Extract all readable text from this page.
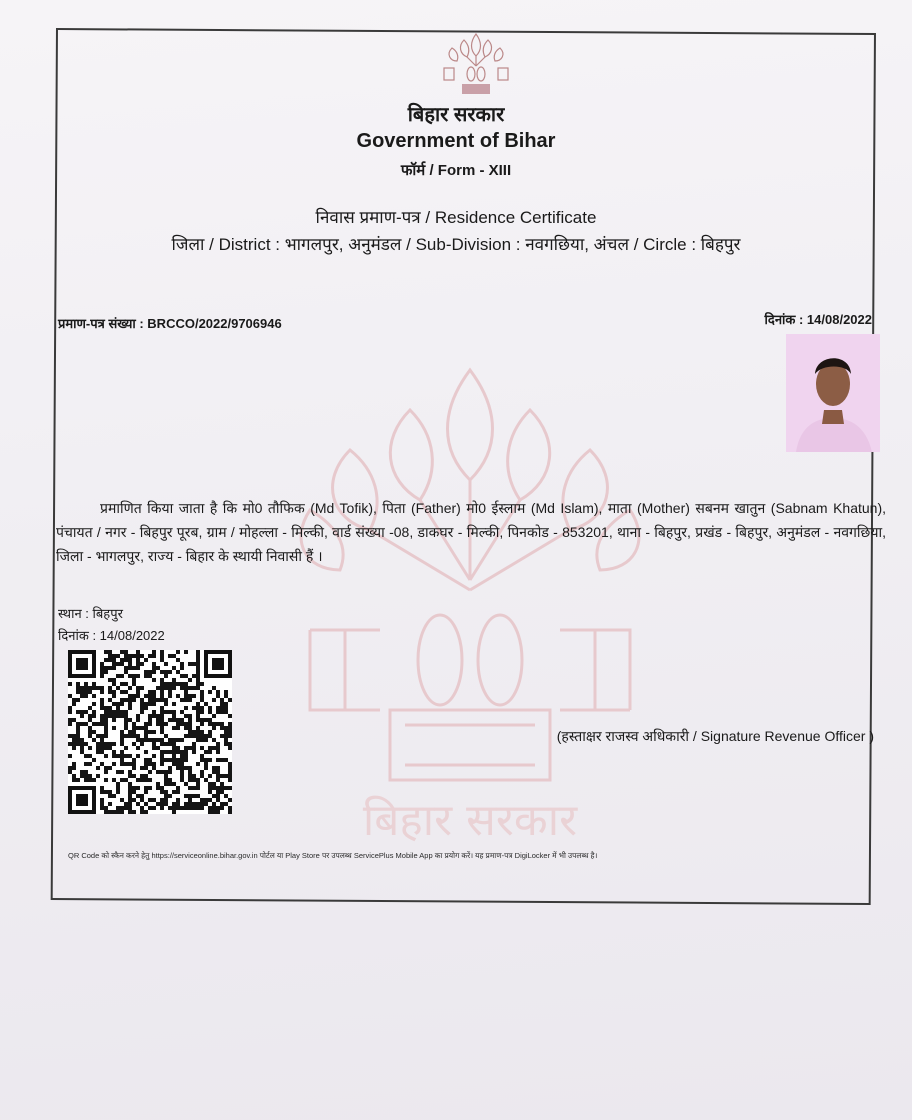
बिहार सरकार
बिहार सरकार
Government of Bihar
फॉर्म / Form - XIII
निवास प्रमाण-पत्र / Residence Certificate
जिला / District : भागलपुर, अनुमंडल / Sub-Division : नवगछिया, अंचल / Circle : बिहपुर
प्रमाण-पत्र संख्या : BRCCO/2022/9706946	दिनांक : 14/08/2022
प्रमाणित किया जाता है कि मो0 तौफिक (Md Tofik), पिता (Father) मो0 ईस्लाम (Md Islam), माता (Mother) सबनम खातुन (Sabnam Khatun), पंचायत / नगर - बिहपुर पूरब, ग्राम / मोहल्ला - मिल्की, वार्ड संख्या -08, डाकघर - मिल्की, पिनकोड - 853201, थाना - बिहपुर, प्रखंड - बिहपुर, अनुमंडल - नवगछिया, जिला - भागलपुर, राज्य - बिहार के स्थायी निवासी हैं ।
स्थान : बिहपुर
दिनांक : 14/08/2022
(हस्ताक्षर राजस्व अधिकारी / Signature Revenue Officer )
QR Code को स्कैन करने हेतु https://serviceonline.bihar.gov.in पोर्टल या Play Store पर उपलब्ध ServicePlus Mobile App का प्रयोग करें। यह प्रमाण-पत्र DigiLocker में भी उपलब्ध है।
